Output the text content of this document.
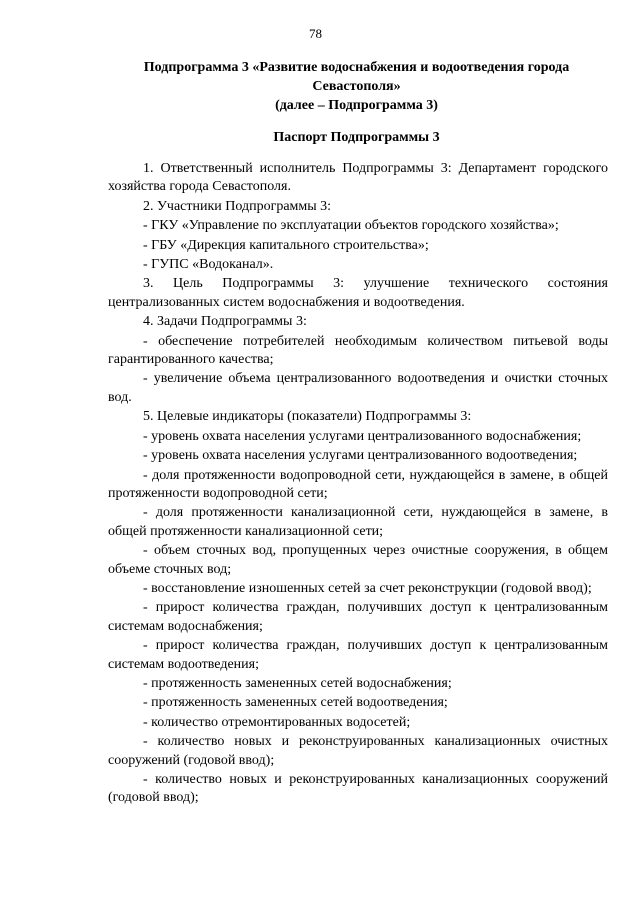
78
Подпрограмма 3 «Развитие водоснабжения и водоотведения города
Севастополя»
(далее – Подпрограмма 3)
Паспорт Подпрограммы 3

1. Ответственный исполнитель Подпрограммы 3: Департамент городского хозяйства города Севастополя.

2. Участники Подпрограммы 3:

- ГКУ «Управление по эксплуатации объектов городского хозяйства»;

- ГБУ «Дирекция капитального строительства»;

- ГУПС «Водоканал».

3. Цель Подпрограммы 3: улучшение технического состояния централизованных систем водоснабжения и водоотведения.

4. Задачи Подпрограммы 3:

- обеспечение потребителей необходимым количеством питьевой воды гарантированного качества;

- увеличение объема централизованного водоотведения и очистки сточных вод.

5. Целевые индикаторы (показатели) Подпрограммы 3:

- уровень охвата населения услугами централизованного водоснабжения;

- уровень охвата населения услугами централизованного водоотведения;

- доля протяженности водопроводной сети, нуждающейся в замене, в общей протяженности водопроводной сети;

- доля протяженности канализационной сети, нуждающейся в замене, в общей протяженности канализационной сети;

- объем сточных вод, пропущенных через очистные сооружения, в общем объеме сточных вод;

- восстановление изношенных сетей за счет реконструкции (годовой ввод);

- прирост количества граждан, получивших доступ к централизованным системам водоснабжения;

- прирост количества граждан, получивших доступ к централизованным системам водоотведения;

- протяженность замененных сетей водоснабжения;

- протяженность замененных сетей водоотведения;

- количество отремонтированных водосетей;

- количество новых и реконструированных канализационных очистных сооружений (годовой ввод);

- количество новых и реконструированных канализационных сооружений (годовой ввод);
